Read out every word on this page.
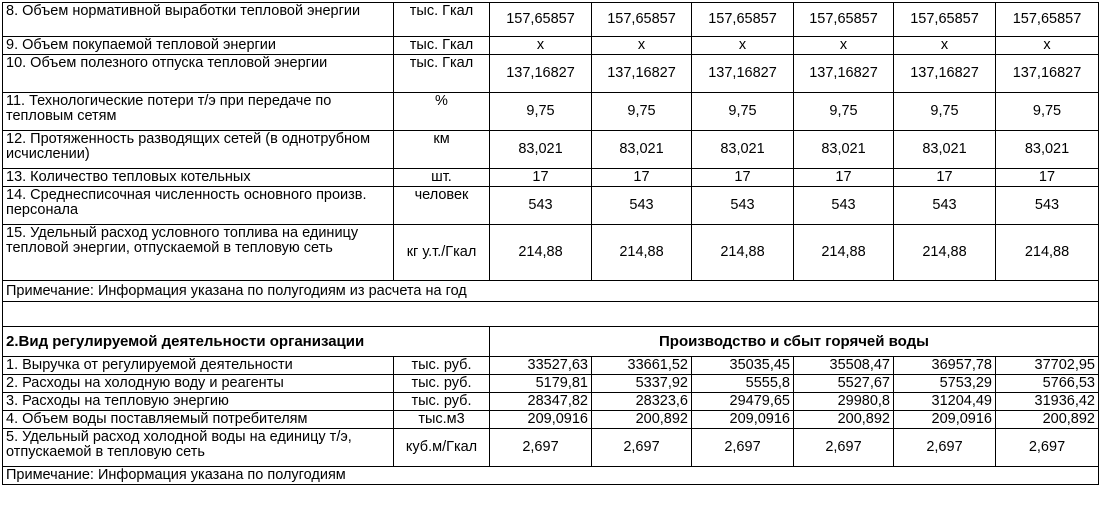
8. Объем нормативной выработки тепловой энергии	тыс. Гкал	157,65857	157,65857	157,65857	157,65857	157,65857	157,65857
9. Объем покупаемой тепловой энергии	тыс. Гкал	x	x	x	x	x	x
10. Объем полезного отпуска тепловой энергии	тыс. Гкал	137,16827	137,16827	137,16827	137,16827	137,16827	137,16827
11. Технологические потери т/э при передаче по тепловым сетям	%	9,75	9,75	9,75	9,75	9,75	9,75
12. Протяженность разводящих сетей (в однотрубном исчислении)	км	83,021	83,021	83,021	83,021	83,021	83,021
13. Количество тепловых котельных	шт.	17	17	17	17	17	17
14. Среднесписочная численность основного произв. персонала	человек	543	543	543	543	543	543
15. Удельный расход условного топлива на единицу тепловой энергии, отпускаемой в тепловую сеть	кг у.т./Гкал	214,88	214,88	214,88	214,88	214,88	214,88
Примечание: Информация указана по полугодиям из расчета на год							

2.Вид регулируемой деятельности организации		Производство и сбыт горячей воды					
1. Выручка от регулируемой деятельности	тыс. руб.	33527,63	33661,52	35035,45	35508,47	36957,78	37702,95
2. Расходы на холодную воду и реагенты	тыс. руб.	5179,81	5337,92	5555,8	5527,67	5753,29	5766,53
3. Расходы на тепловую энергию	тыс. руб.	28347,82	28323,6	29479,65	29980,8	31204,49	31936,42
4. Объем воды поставляемый потребителям	тыс.м3	209,0916	200,892	209,0916	200,892	209,0916	200,892
5. Удельный расход холодной воды на единицу т/э, отпускаемой в тепловую сеть	куб.м/Гкал	2,697	2,697	2,697	2,697	2,697	2,697
Примечание: Информация указана по полугодиям							
